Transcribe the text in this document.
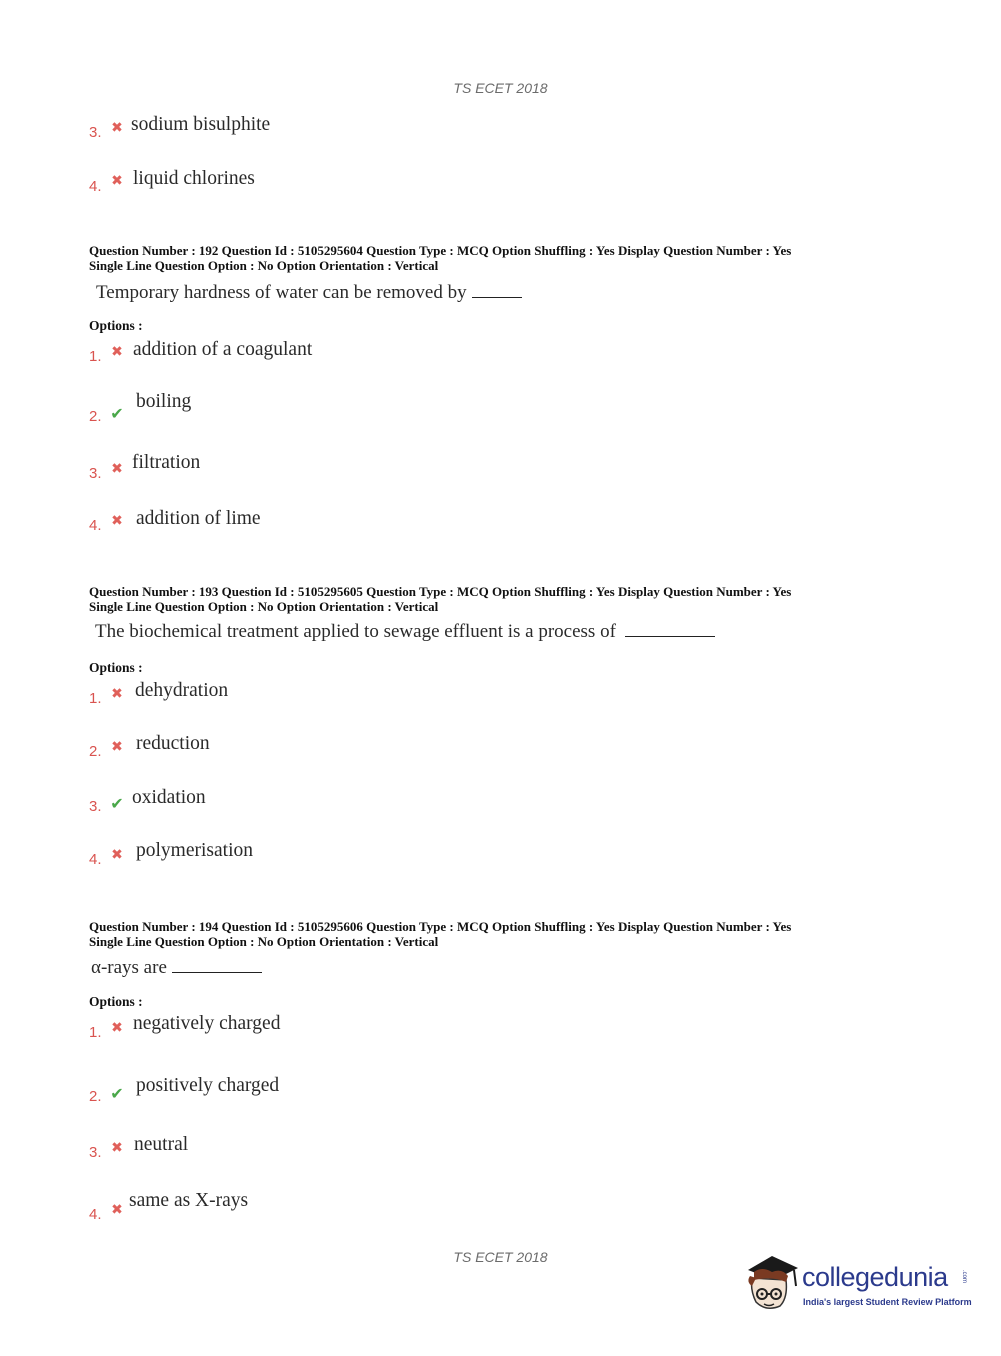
TS ECET 2018
3. ✖ sodium bisulphite
4. ✖ liquid chlorines
Question Number : 192 Question Id : 5105295604 Question Type : MCQ Option Shuffling : Yes Display Question Number : Yes
Single Line Question Option : No Option Orientation : Vertical
Temporary hardness of water can be removed by
Options :
1. ✖ addition of a coagulant
2. ✔
boiling
3. ✖ filtration
4. ✖ addition of lime
Question Number : 193 Question Id : 5105295605 Question Type : MCQ Option Shuffling : Yes Display Question Number : Yes
Single Line Question Option : No Option Orientation : Vertical
The biochemical treatment applied to sewage effluent is a process of
Options :
1. ✖ dehydration
2. ✖ reduction
3. ✔ oxidation
4. ✖ polymerisation
Question Number : 194 Question Id : 5105295606 Question Type : MCQ Option Shuffling : Yes Display Question Number : Yes
Single Line Question Option : No Option Orientation : Vertical
α-rays are
Options :
1. ✖ negatively charged
2. ✔ positively charged
3. ✖ neutral
4. ✖ same as X-rays
TS ECET 2018
collegedunia .com
India's largest Student Review Platform
